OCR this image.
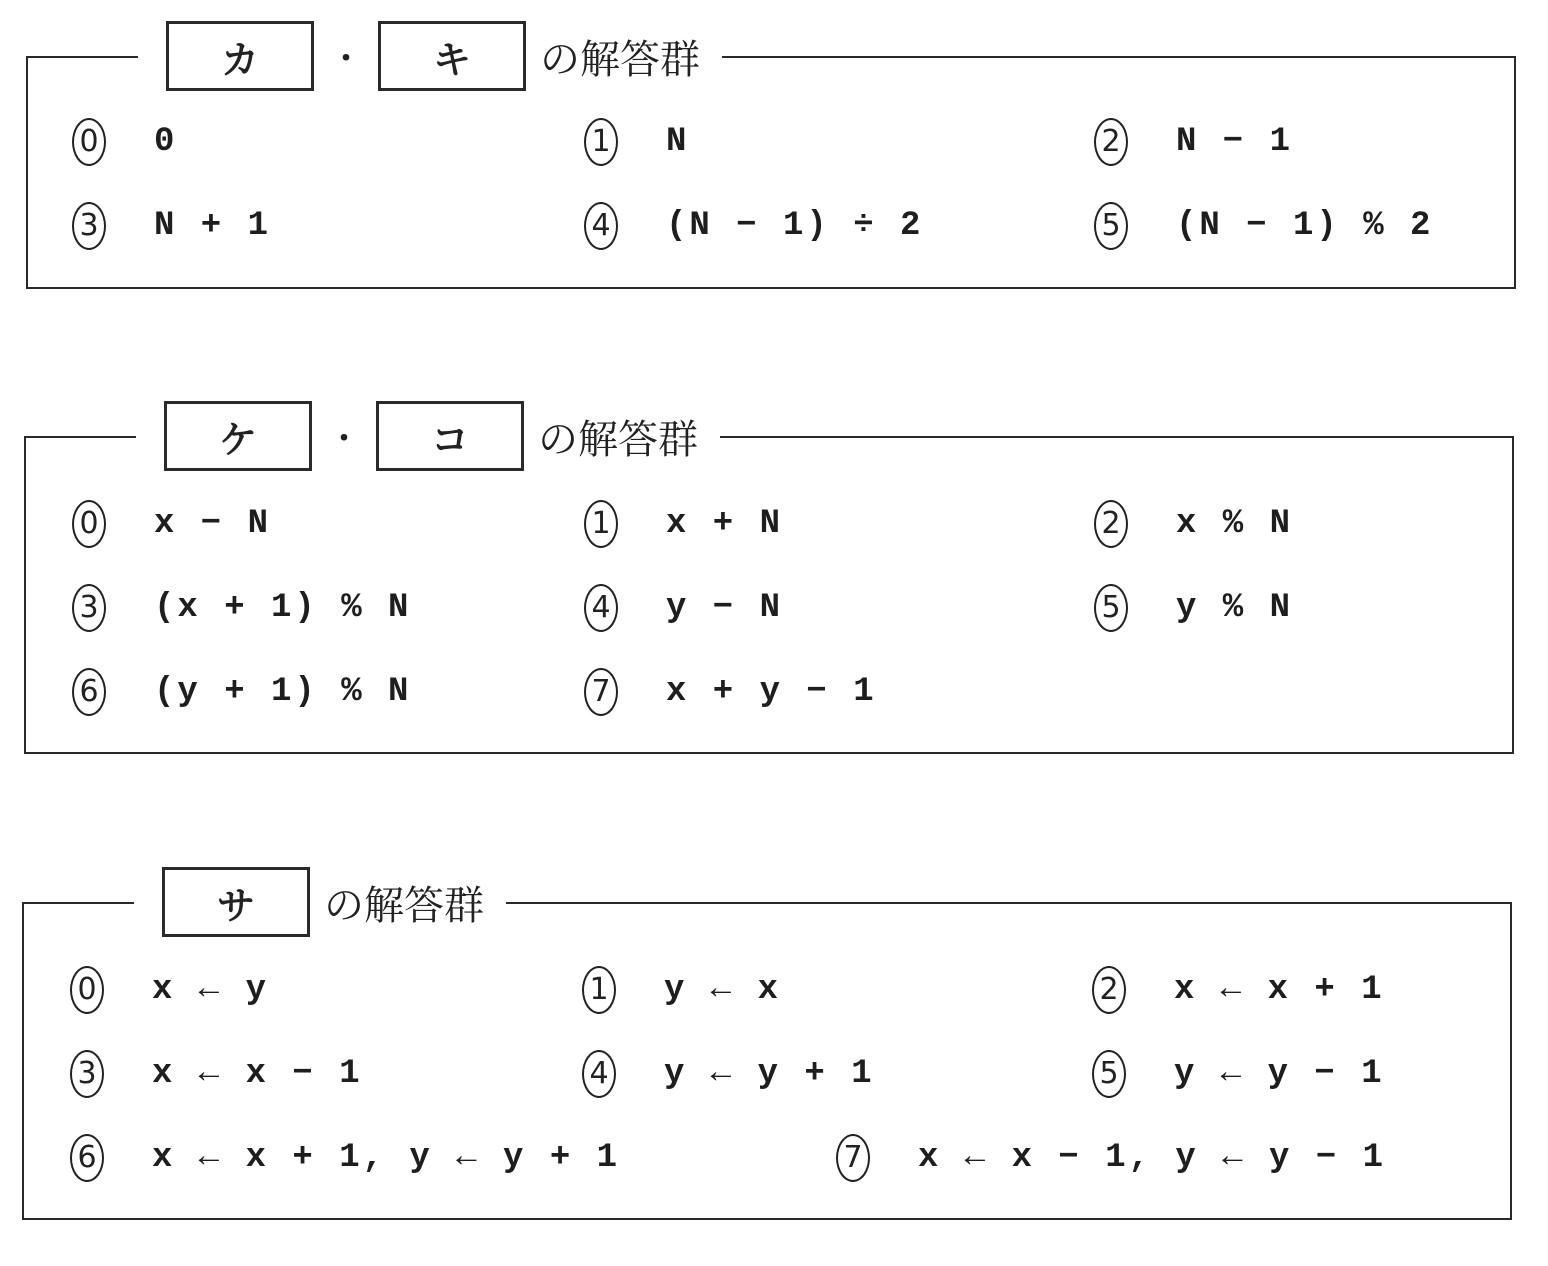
カ	・	キ	の解答群
0 0	1 N	2 N − 1
3 N + 1	4 (N − 1) ÷ 2	5 (N − 1) % 2
ケ	・	コ	の解答群
0 x − N	1 x + N	2 x % N
3 (x + 1) % N	4 y − N	5 y % N
6 (y + 1) % N	7 x + y − 1
サ	の解答群
0 x ← y	1 y ← x	2 x ← x + 1
3 x ← x − 1	4 y ← y + 1	5 y ← y − 1
6 x ← x + 1, y ← y + 1	7 x ← x − 1, y ← y − 1
